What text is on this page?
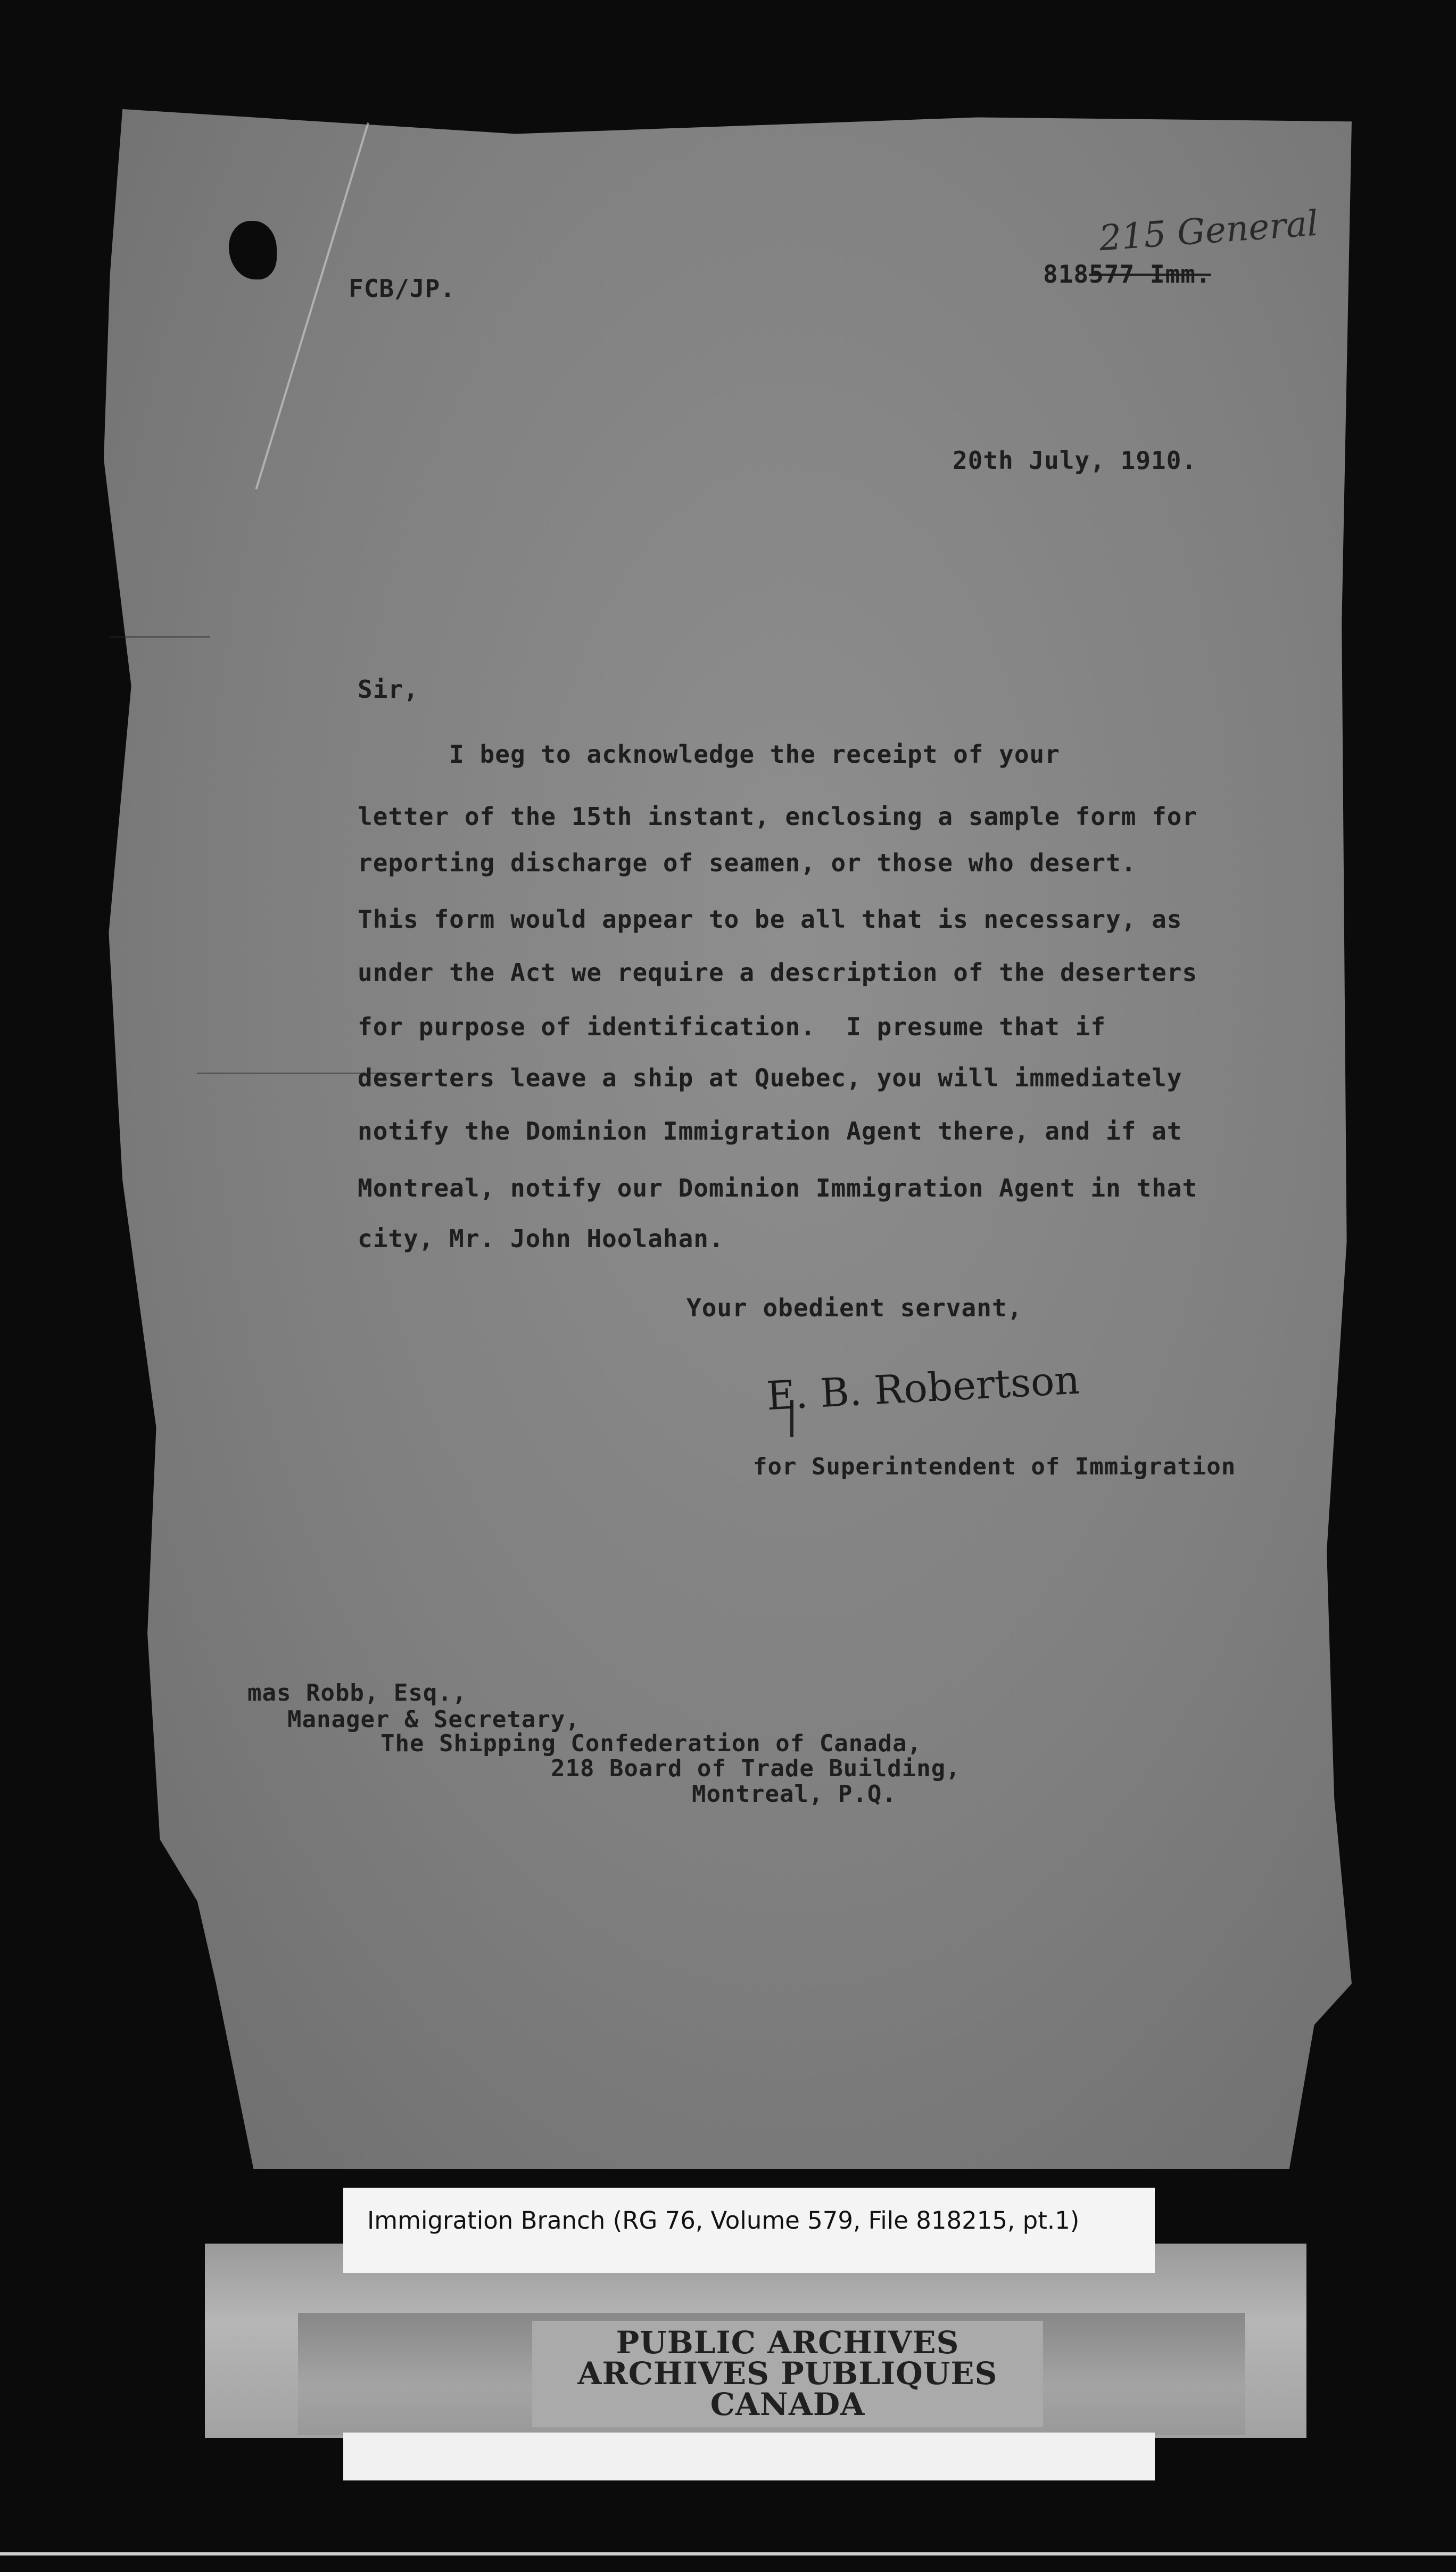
FCB/JP.	818577 Imm.
215 General
20th July, 1910.
Sir,
I beg to acknowledge the receipt of your
letter of the 15th instant, enclosing a sample form for
reporting discharge of seamen, or those who desert.
This form would appear to be all that is necessary, as
under the Act we require a description of the deserters
for purpose of identification.  I presume that if
deserters leave a ship at Quebec, you will immediately
notify the Dominion Immigration Agent there, and if at
Montreal, notify our Dominion Immigration Agent in that
city, Mr. John Hoolahan.
Your obedient servant,
E. B. Robertson
for Superintendent of Immigration
mas Robb, Esq.,
Manager & Secretary,
The Shipping Confederation of Canada,
218 Board of Trade Building,
Montreal, P.Q.
Immigration Branch (RG 76, Volume 579, File 818215, pt.1)
PUBLIC ARCHIVES
ARCHIVES PUBLIQUES
CANADA
